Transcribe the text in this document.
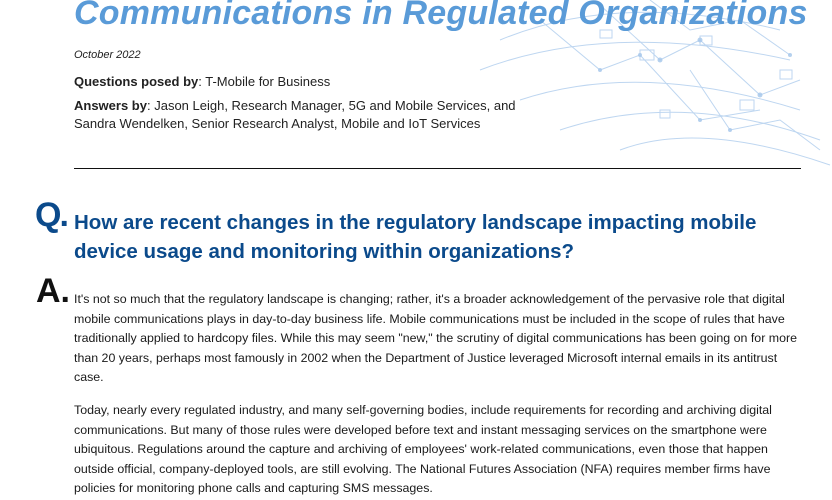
Communications in Regulated Organizations
October 2022
Questions posed by: T-Mobile for Business
Answers by: Jason Leigh, Research Manager, 5G and Mobile Services, and Sandra Wendelken, Senior Research Analyst, Mobile and IoT Services
Q. How are recent changes in the regulatory landscape impacting mobile device usage and monitoring within organizations?
A. It's not so much that the regulatory landscape is changing; rather, it's a broader acknowledgement of the pervasive role that digital mobile communications plays in day-to-day business life. Mobile communications must be included in the scope of rules that have traditionally applied to hardcopy files. While this may seem "new," the scrutiny of digital communications has been going on for more than 20 years, perhaps most famously in 2002 when the Department of Justice leveraged Microsoft internal emails in its antitrust case.

Today, nearly every regulated industry, and many self-governing bodies, include requirements for recording and archiving digital communications. But many of those rules were developed before text and instant messaging services on the smartphone were ubiquitous. Regulations around the capture and archiving of employees' work-related communications, even those that happen outside official, company-deployed tools, are still evolving. The National Futures Association (NFA) requires member firms have policies for monitoring phone calls and capturing SMS messages.
